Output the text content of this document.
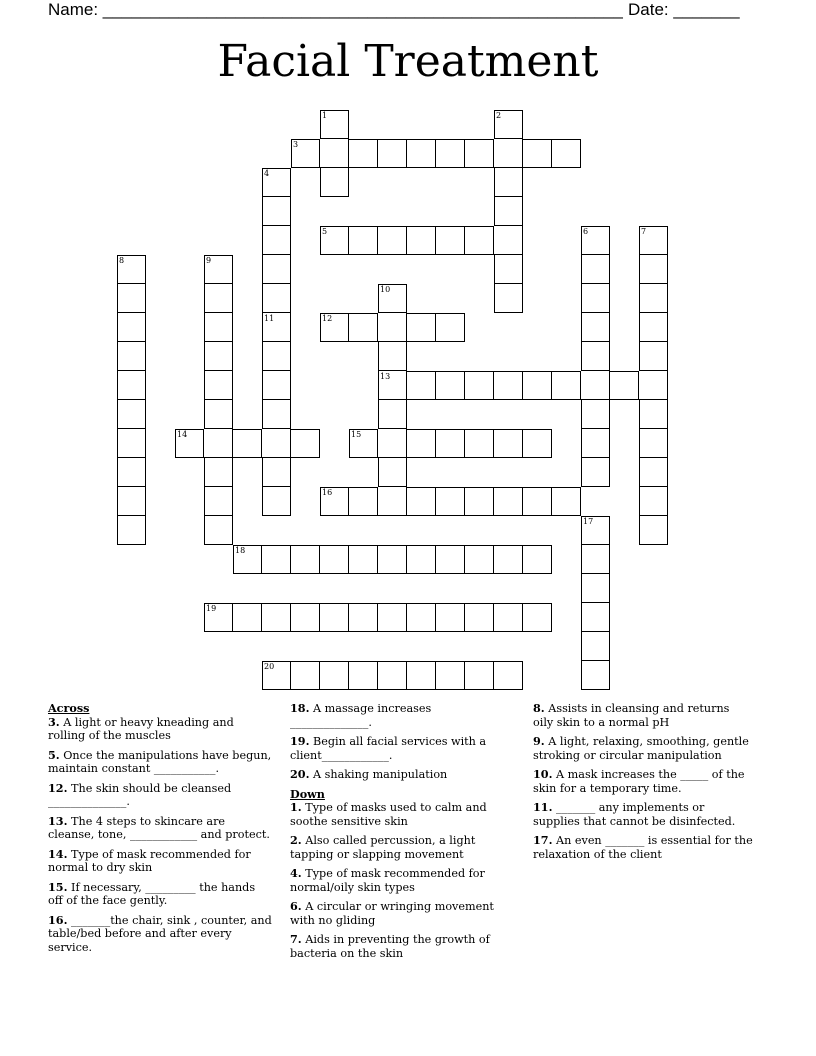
Name: _______________________________________________________ Date: _______
Facial Treatment
1	2
3
4
5	6	7
8	9
10
11	12
13
14	15
16
17
18
19
20
Across
3. A light or heavy kneading and rolling of the muscles
5. Once the manipulations have begun, maintain constant ___________.
12. The skin should be cleansed ______________.
13. The 4 steps to skincare are cleanse, tone, ____________ and protect.
14. Type of mask recommended for normal to dry skin
15. If necessary, _________ the hands off of the face gently.
16. _______the chair, sink , counter, and table/bed before and after every service.
18. A massage increases ______________.
19. Begin all facial services with a client____________.
20. A shaking manipulation
Down
1. Type of masks used to calm and soothe sensitive skin
2. Also called percussion, a light tapping or slapping movement
4. Type of mask recommended for normal/oily skin types
6. A circular or wringing movement with no gliding
7. Aids in preventing the growth of bacteria on the skin
8. Assists in cleansing and returns oily skin to a normal pH
9. A light, relaxing, smoothing, gentle stroking or circular manipulation
10. A mask increases the _____ of the skin for a temporary time.
11. _______ any implements or supplies that cannot be disinfected.
17. An even _______ is essential for the relaxation of the client
